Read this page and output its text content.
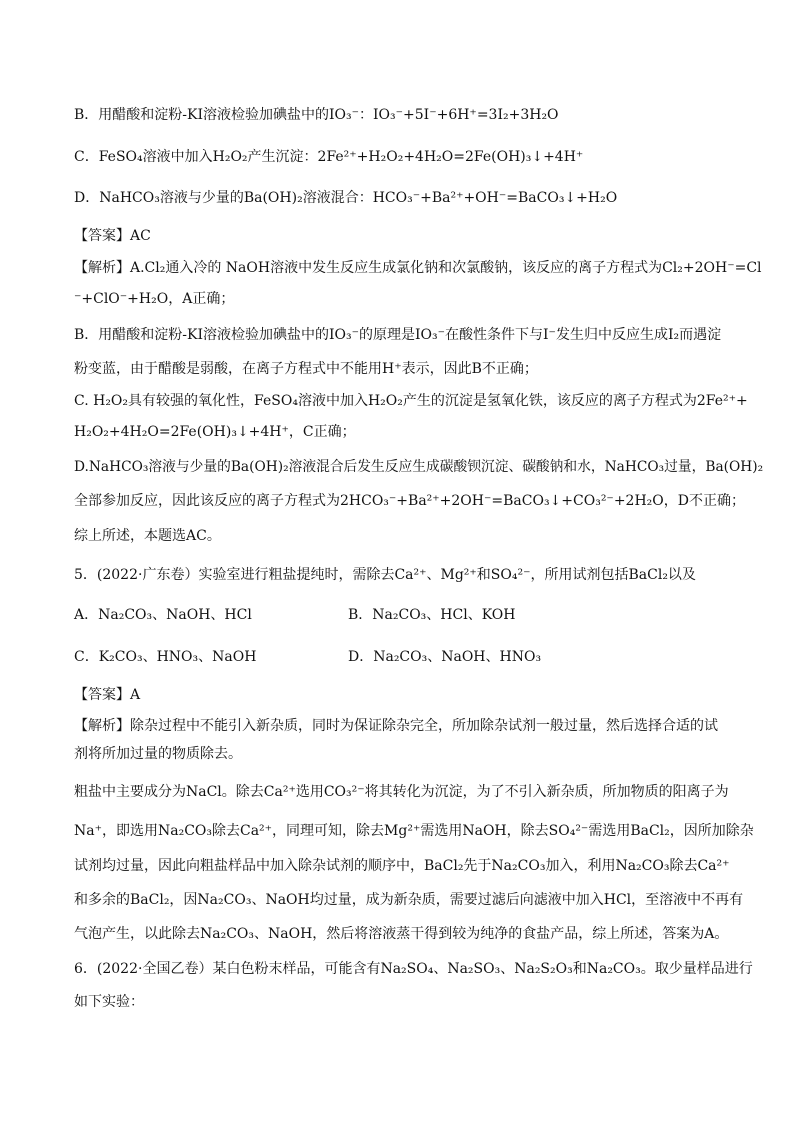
B．用醋酸和淀粉-KI溶液检验加碘盐中的IO₃⁻：IO₃⁻+5I⁻+6H⁺=3I₂+3H₂O
C．FeSO₄溶液中加入H₂O₂产生沉淀：2Fe²⁺+H₂O₂+4H₂O=2Fe(OH)₃↓+4H⁺
D．NaHCO₃溶液与少量的Ba(OH)₂溶液混合：HCO₃⁻+Ba²⁺+OH⁻=BaCO₃↓+H₂O
【答案】AC
【解析】A.Cl₂通入冷的 NaOH溶液中发生反应生成氯化钠和次氯酸钠，该反应的离子方程式为Cl₂+2OH⁻=Cl
⁻+ClO⁻+H₂O，A正确；
B．用醋酸和淀粉-KI溶液检验加碘盐中的IO₃⁻的原理是IO₃⁻在酸性条件下与I⁻发生归中反应生成I₂而遇淀
粉变蓝，由于醋酸是弱酸，在离子方程式中不能用H⁺表示，因此B不正确；
C. H₂O₂具有较强的氧化性，FeSO₄溶液中加入H₂O₂产生的沉淀是氢氧化铁，该反应的离子方程式为2Fe²⁺+
H₂O₂+4H₂O=2Fe(OH)₃↓+4H⁺，C正确；
D.NaHCO₃溶液与少量的Ba(OH)₂溶液混合后发生反应生成碳酸钡沉淀、碳酸钠和水，NaHCO₃过量，Ba(OH)₂
全部参加反应，因此该反应的离子方程式为2HCO₃⁻+Ba²⁺+2OH⁻=BaCO₃↓+CO₃²⁻+2H₂O，D不正确；
综上所述，本题选AC。
5．(2022·广东卷）实验室进行粗盐提纯时，需除去Ca²⁺、Mg²⁺和SO₄²⁻，所用试剂包括BaCl₂以及
A．Na₂CO₃、NaOH、HCl	B．Na₂CO₃、HCl、KOH
C．K₂CO₃、HNO₃、NaOH	D．Na₂CO₃、NaOH、HNO₃
【答案】A
【解析】除杂过程中不能引入新杂质，同时为保证除杂完全，所加除杂试剂一般过量，然后选择合适的试
剂将所加过量的物质除去。
粗盐中主要成分为NaCl。除去Ca²⁺选用CO₃²⁻将其转化为沉淀，为了不引入新杂质，所加物质的阳离子为
Na⁺，即选用Na₂CO₃除去Ca²⁺，同理可知，除去Mg²⁺需选用NaOH，除去SO₄²⁻需选用BaCl₂，因所加除杂
试剂均过量，因此向粗盐样品中加入除杂试剂的顺序中，BaCl₂先于Na₂CO₃加入，利用Na₂CO₃除去Ca²⁺
和多余的BaCl₂，因Na₂CO₃、NaOH均过量，成为新杂质，需要过滤后向滤液中加入HCl，至溶液中不再有
气泡产生，以此除去Na₂CO₃、NaOH，然后将溶液蒸干得到较为纯净的食盐产品，综上所述，答案为A。
6．(2022·全国乙卷）某白色粉末样品，可能含有Na₂SO₄、Na₂SO₃、Na₂S₂O₃和Na₂CO₃。取少量样品进行
如下实验：
